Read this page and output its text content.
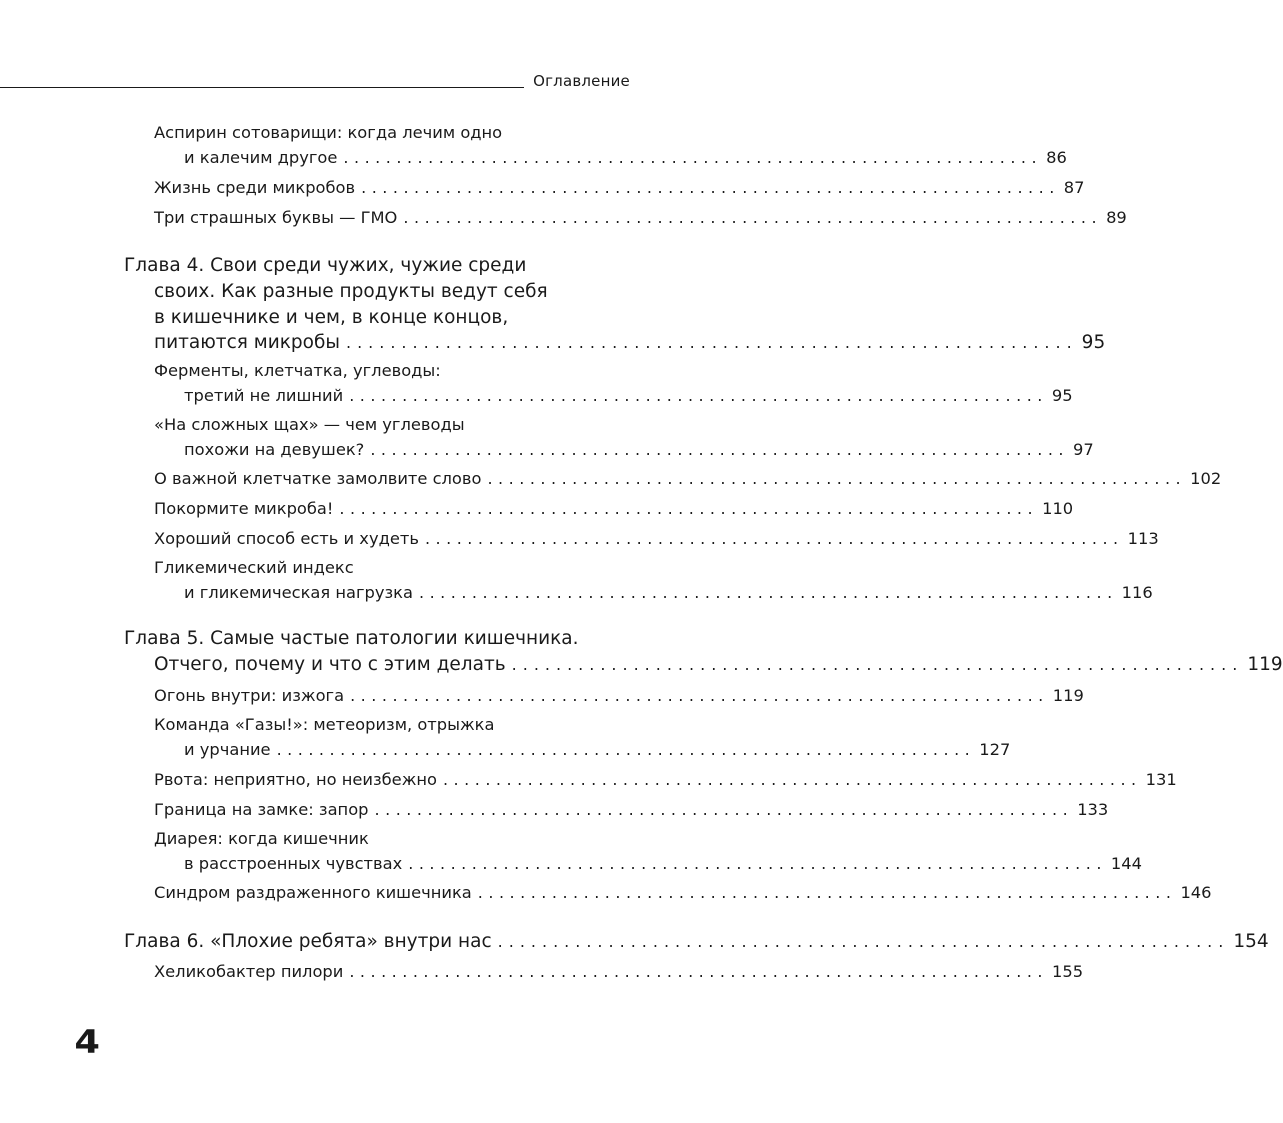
Оглавление
Аспирин сотоварищи: когда лечим одно
и калечим другое .................................................................. 86
Жизнь среди микробов .................................................................. 87
Три страшных буквы — ГМО .................................................................. 89
Глава 4. Свои среди чужих, чужие среди
своих. Как разные продукты ведут себя
в кишечнике и чем, в конце концов,
питаются микробы .................................................................. 95
Ферменты, клетчатка, углеводы:
третий не лишний .................................................................. 95
«На сложных щах» — чем углеводы
похожи на девушек? .................................................................. 97
О важной клетчатке замолвите слово .................................................................. 102
Покормите микроба! .................................................................. 110
Хороший способ есть и худеть .................................................................. 113
Гликемический индекс
и гликемическая нагрузка .................................................................. 116
Глава 5. Самые частые патологии кишечника.
Отчего, почему и что с этим делать .................................................................. 119
Огонь внутри: изжога .................................................................. 119
Команда «Газы!»: метеоризм, отрыжка
и урчание .................................................................. 127
Рвота: неприятно, но неизбежно .................................................................. 131
Граница на замке: запор .................................................................. 133
Диарея: когда кишечник
в расстроенных чувствах .................................................................. 144
Синдром раздраженного кишечника .................................................................. 146
Глава 6. «Плохие ребята» внутри нас .................................................................. 154
Хеликобактер пилори .................................................................. 155
4
